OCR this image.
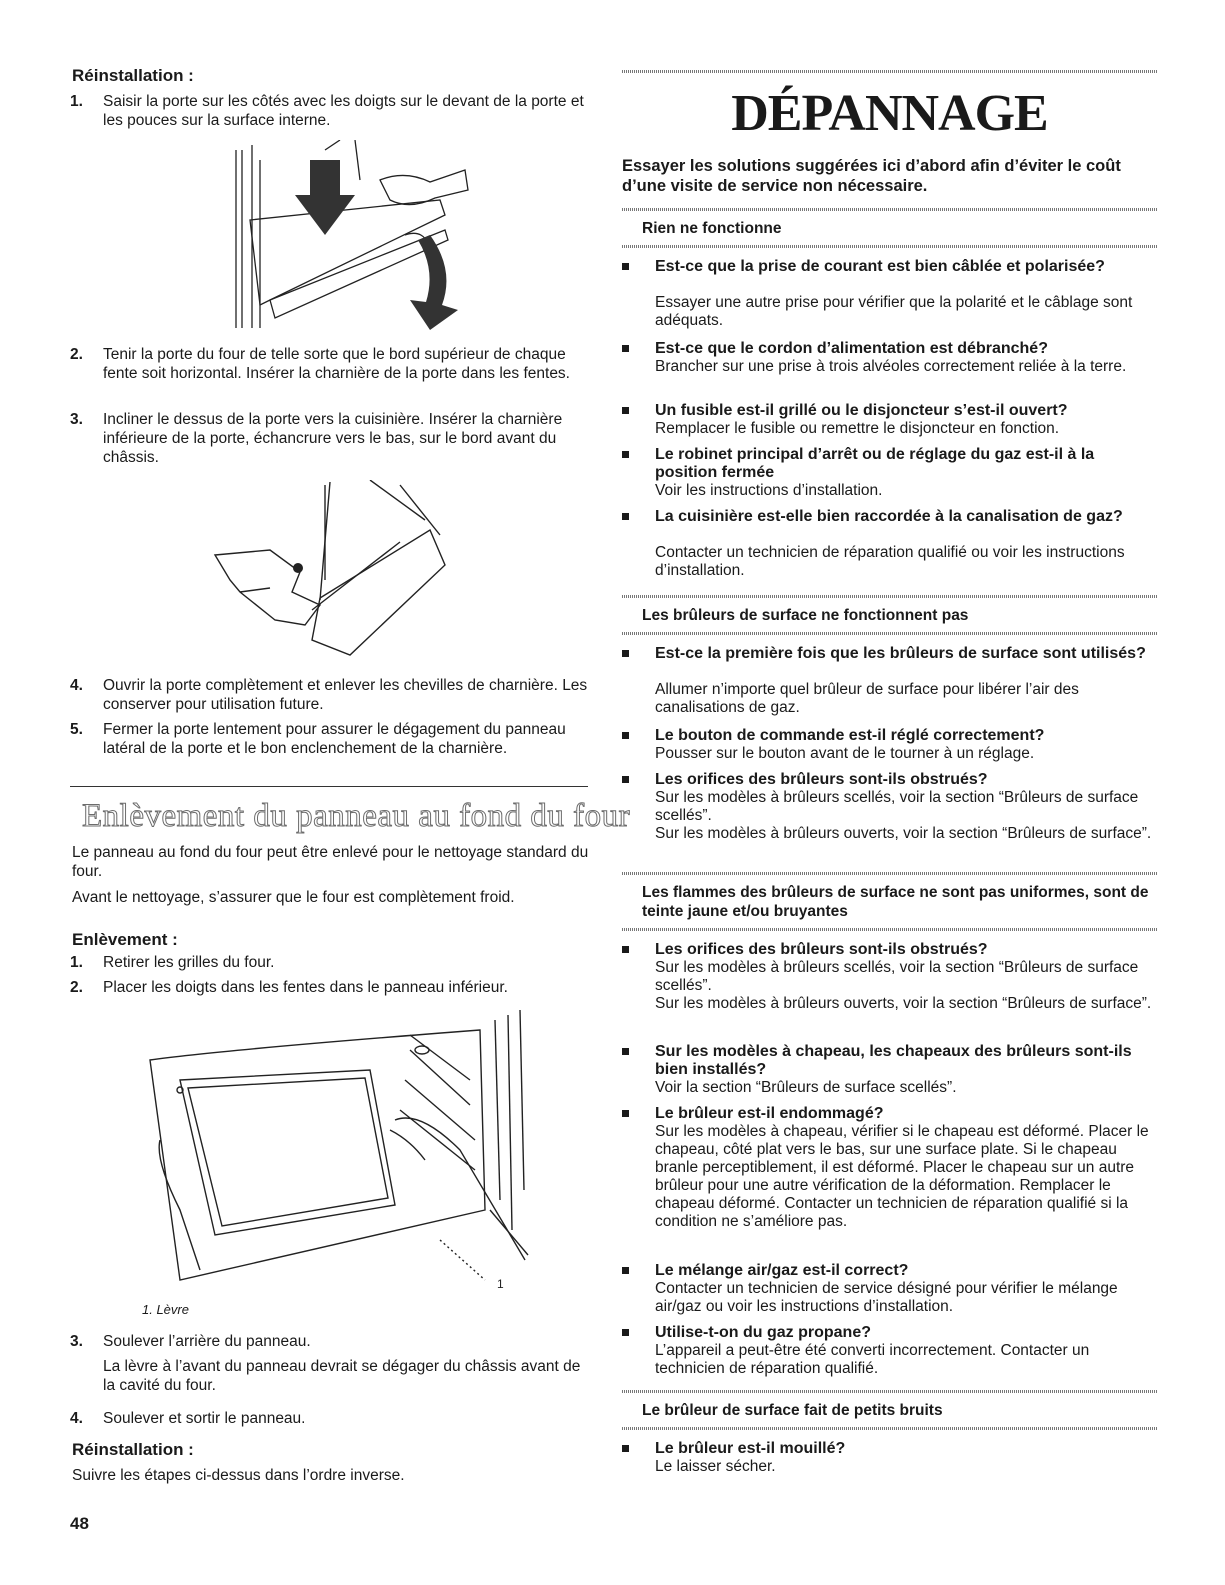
Réinstallation :
1. Saisir la porte sur les côtés avec les doigts sur le devant de la porte et les pouces sur la surface interne.
2. Tenir la porte du four de telle sorte que le bord supérieur de chaque fente soit horizontal. Insérer la charnière de la porte dans les fentes.
3. Incliner le dessus de la porte vers la cuisinière. Insérer la charnière inférieure de la porte, échancrure vers le bas, sur le bord avant du châssis.
4. Ouvrir la porte complètement et enlever les chevilles de charnière. Les conserver pour utilisation future.
5. Fermer la porte lentement pour assurer le dégagement du panneau latéral de la porte et le bon enclenchement de la charnière.
Enlèvement du panneau au fond du four
Le panneau au fond du four peut être enlevé pour le nettoyage standard du four.
Avant le nettoyage, s’assurer que le four est complètement froid.
Enlèvement :
1. Retirer les grilles du four.
2. Placer les doigts dans les fentes dans le panneau inférieur.
1
1. Lèvre
3. Soulever l’arrière du panneau.
La lèvre à l’avant du panneau devrait se dégager du châssis avant de la cavité du four.
4. Soulever et sortir le panneau.
Réinstallation :
Suivre les étapes ci-dessus dans l’ordre inverse.
48
DÉPANNAGE
Essayer les solutions suggérées ici d’abord afin d’éviter le coût d’une visite de service non nécessaire.
Rien ne fonctionne
Est-ce que la prise de courant est bien câblée et polarisée?
Essayer une autre prise pour vérifier que la polarité et le câblage sont adéquats.
Est-ce que le cordon d’alimentation est débranché?
Brancher sur une prise à trois alvéoles correctement reliée à la terre.
Un fusible est-il grillé ou le disjoncteur s’est-il ouvert?
Remplacer le fusible ou remettre le disjoncteur en fonction.
Le robinet principal d’arrêt ou de réglage du gaz est-il à la position fermée
Voir les instructions d’installation.
La cuisinière est-elle bien raccordée à la canalisation de gaz?
Contacter un technicien de réparation qualifié ou voir les instructions d’installation.
Les brûleurs de surface ne fonctionnent pas
Est-ce la première fois que les brûleurs de surface sont utilisés?
Allumer n’importe quel brûleur de surface pour libérer l’air des canalisations de gaz.
Le bouton de commande est-il réglé correctement?
Pousser sur le bouton avant de le tourner à un réglage.
Les orifices des brûleurs sont-ils obstrués?
Sur les modèles à brûleurs scellés, voir la section “Brûleurs de surface scellés”.
Sur les modèles à brûleurs ouverts, voir la section “Brûleurs de surface”.
Les flammes des brûleurs de surface ne sont pas uniformes, sont de teinte jaune et/ou bruyantes
Les orifices des brûleurs sont-ils obstrués?
Sur les modèles à brûleurs scellés, voir la section “Brûleurs de surface scellés”.
Sur les modèles à brûleurs ouverts, voir la section “Brûleurs de surface”.
Sur les modèles à chapeau, les chapeaux des brûleurs sont-ils bien installés?
Voir la section “Brûleurs de surface scellés”.
Le brûleur est-il endommagé?
Sur les modèles à chapeau, vérifier si le chapeau est déformé. Placer le chapeau, côté plat vers le bas, sur une surface plate. Si le chapeau branle perceptiblement, il est déformé. Placer le chapeau sur un autre brûleur pour une autre vérification de la déformation. Remplacer le chapeau déformé. Contacter un technicien de réparation qualifié si la condition ne s’améliore pas.
Le mélange air/gaz est-il correct?
Contacter un technicien de service désigné pour vérifier le mélange air/gaz ou voir les instructions d’installation.
Utilise-t-on du gaz propane?
L’appareil a peut-être été converti incorrectement. Contacter un technicien de réparation qualifié.
Le brûleur de surface fait de petits bruits
Le brûleur est-il mouillé?
Le laisser sécher.
